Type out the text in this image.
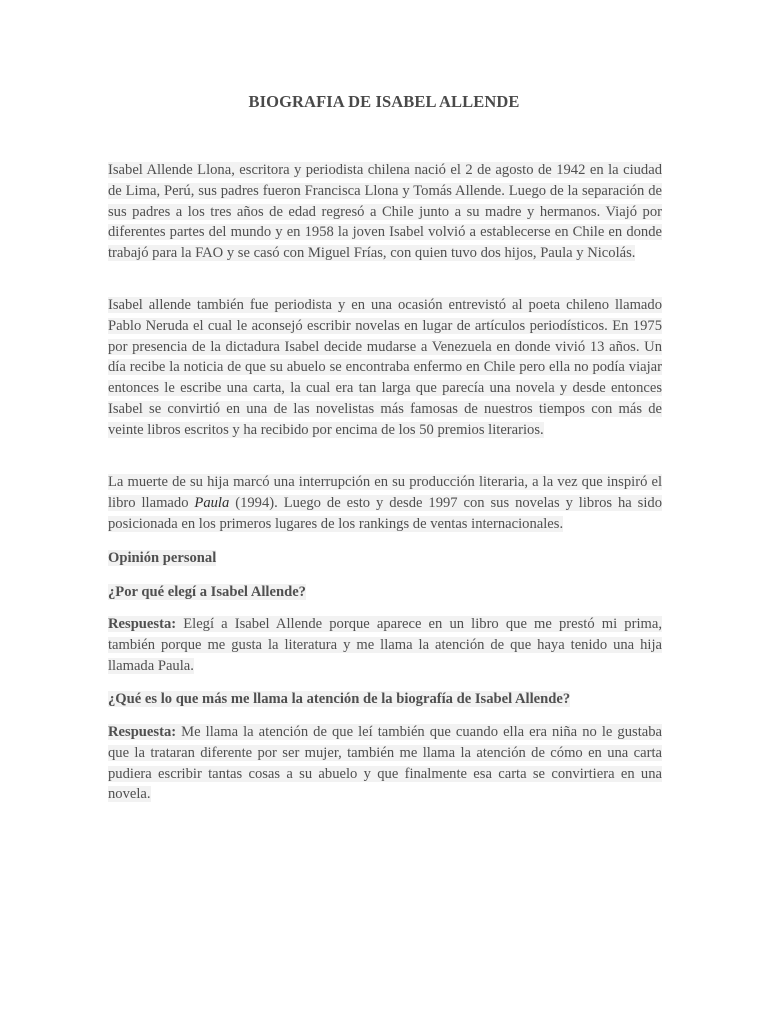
BIOGRAFIA DE ISABEL ALLENDE
Isabel Allende Llona, escritora y periodista chilena nació el 2 de agosto de 1942 en la ciudad de Lima, Perú, sus padres fueron Francisca Llona y Tomás Allende. Luego de la separación de sus padres a los tres años de edad regresó a Chile junto a su madre y hermanos. Viajó por diferentes partes del mundo y en 1958 la joven Isabel volvió a establecerse en Chile en donde trabajó para la FAO y se casó con Miguel Frías, con quien tuvo dos hijos, Paula y Nicolás.
Isabel allende también fue periodista y en una ocasión entrevistó al poeta chileno llamado Pablo Neruda el cual le aconsejó escribir novelas en lugar de artículos periodísticos. En 1975 por presencia de la dictadura Isabel decide mudarse a Venezuela en donde vivió 13 años. Un día recibe la noticia de que su abuelo se encontraba enfermo en Chile pero ella no podía viajar entonces le escribe una carta, la cual era tan larga que parecía una novela y desde entonces Isabel se convirtió en una de las novelistas más famosas de nuestros tiempos con más de veinte libros escritos y ha recibido por encima de los 50 premios literarios.
La muerte de su hija marcó una interrupción en su producción literaria, a la vez que inspiró el libro llamado Paula (1994). Luego de esto y desde 1997 con sus novelas y libros ha sido posicionada en los primeros lugares de los rankings de ventas internacionales.
Opinión personal
¿Por qué elegí a Isabel Allende?
Respuesta: Elegí a Isabel Allende porque aparece en un libro que me prestó mi prima, también porque me gusta la literatura y me llama la atención de que haya tenido una hija llamada Paula.
¿Qué es lo que más me llama la atención de la biografía de Isabel Allende?
Respuesta: Me llama la atención de que leí también que cuando ella era niña no le gustaba que la trataran diferente por ser mujer, también me llama la atención de cómo en una carta pudiera escribir tantas cosas a su abuelo y que finalmente esa carta se convirtiera en una novela.
